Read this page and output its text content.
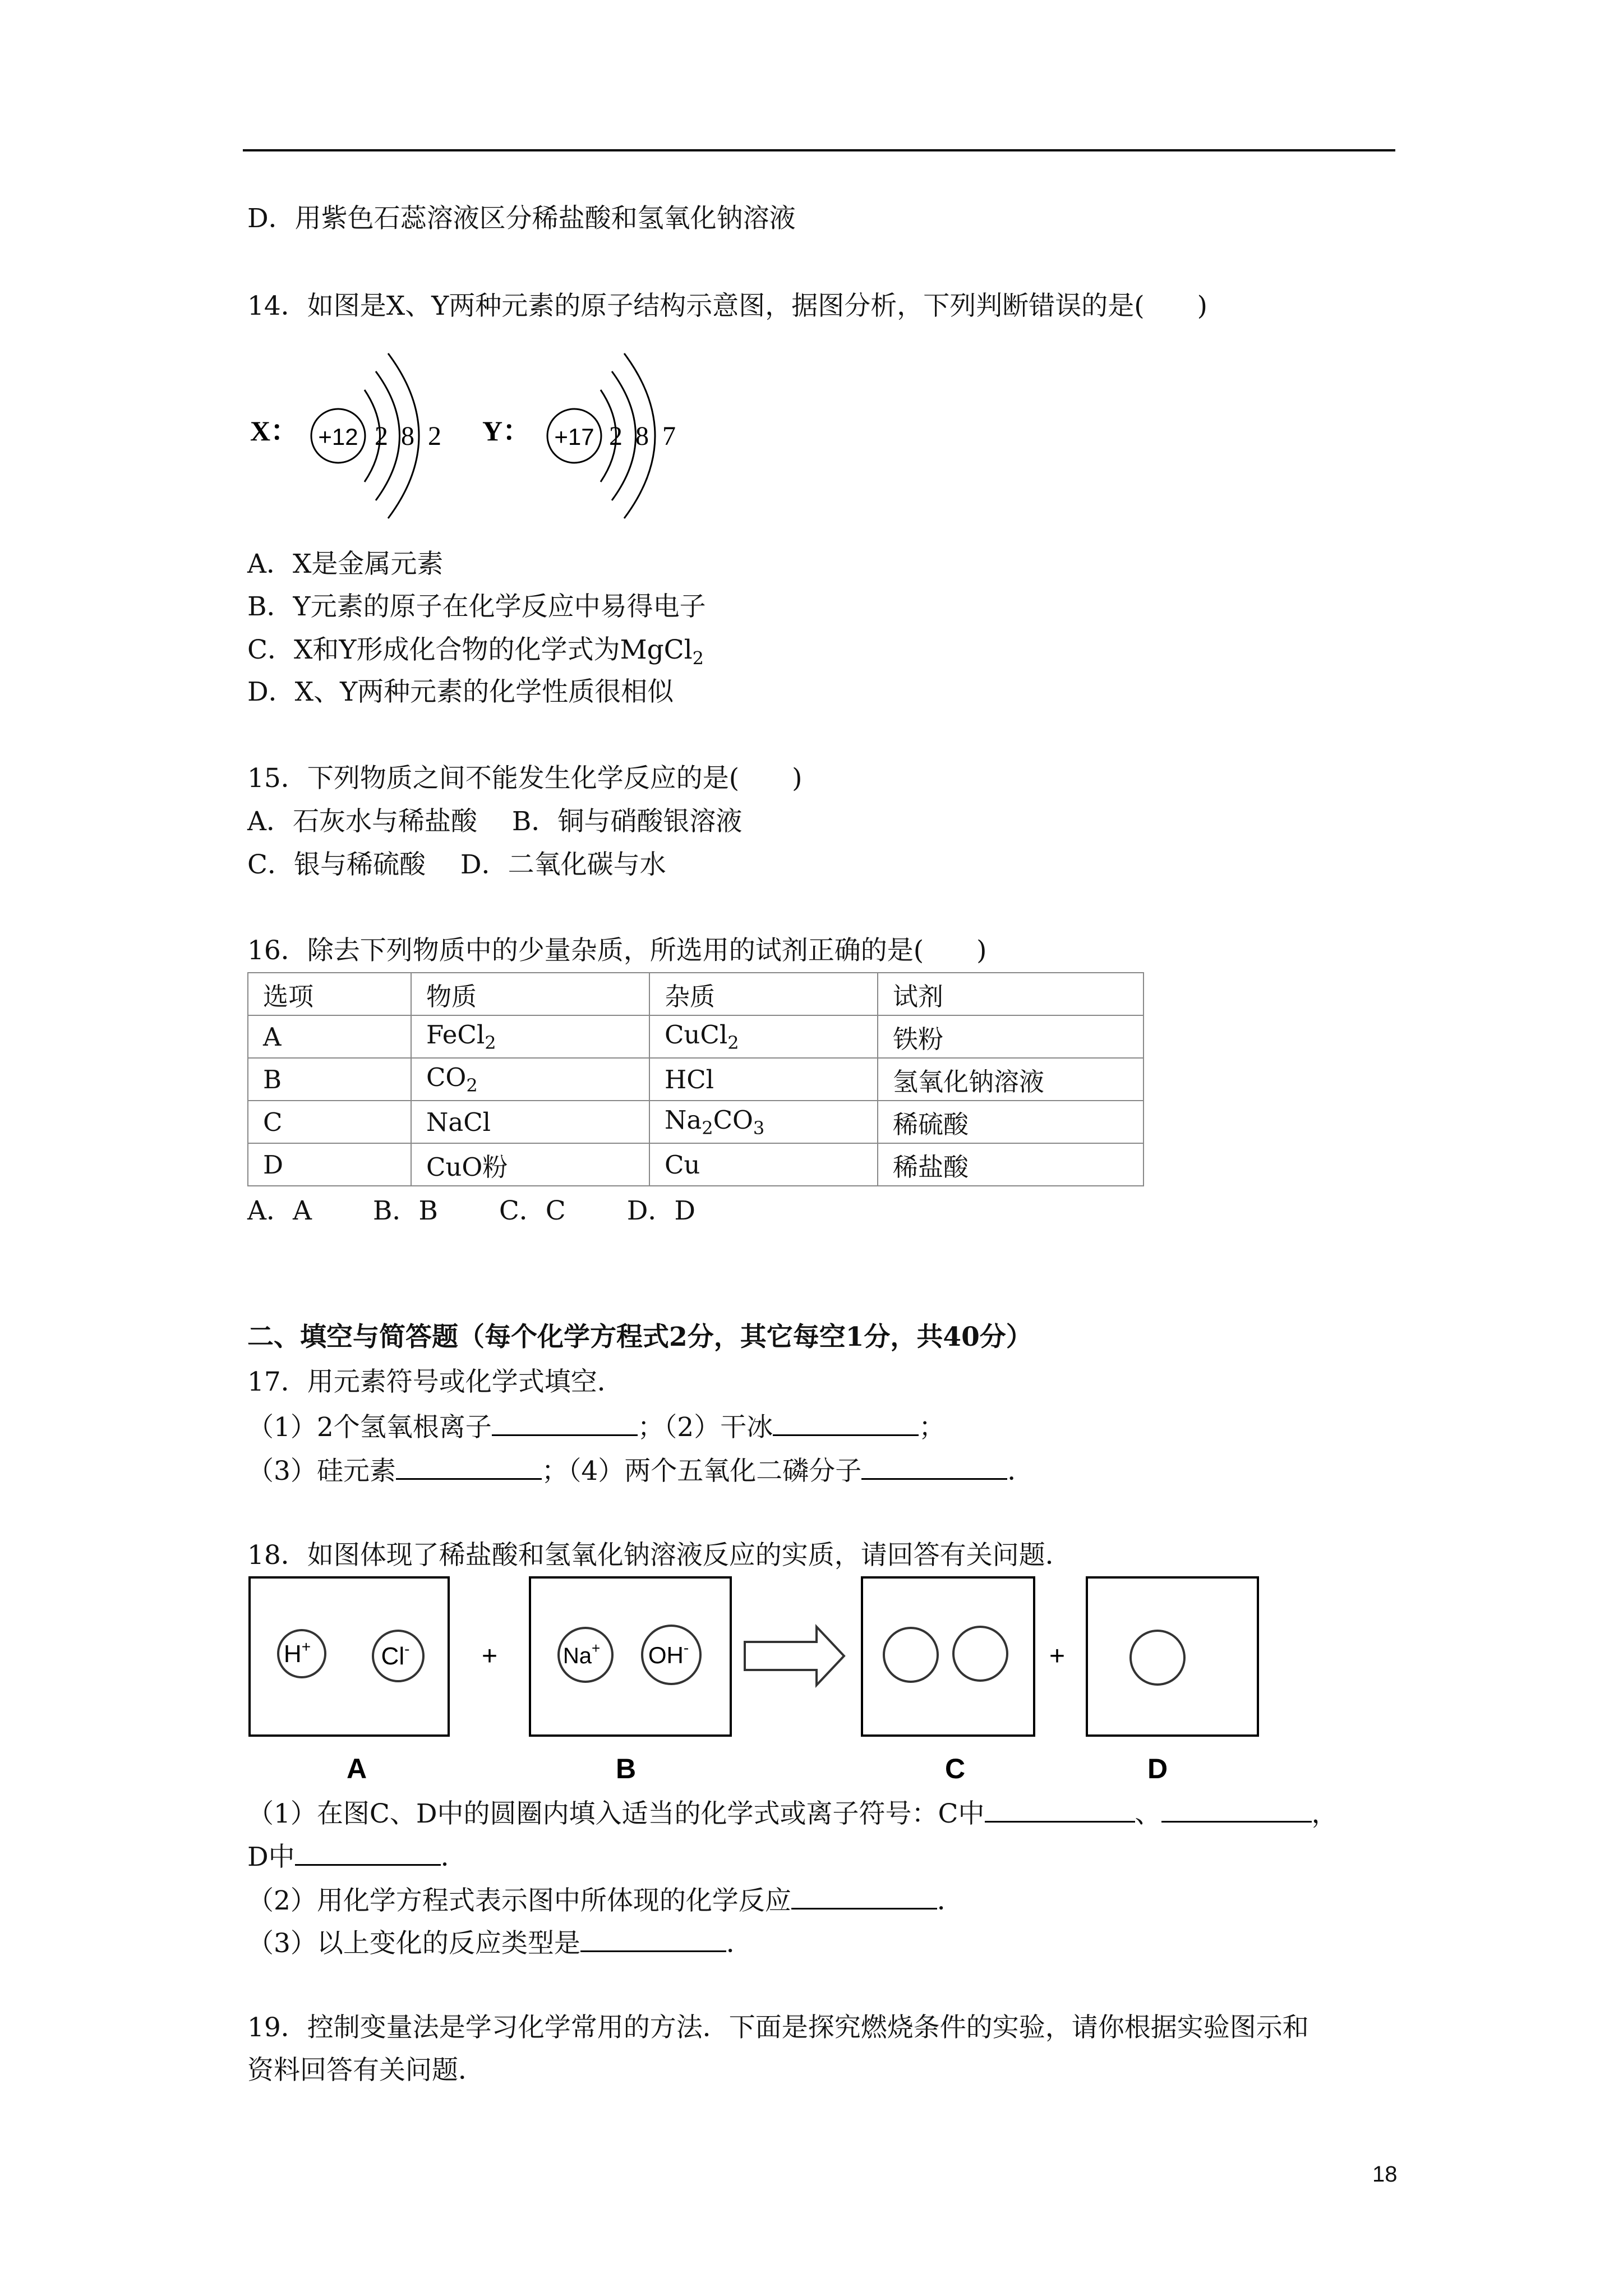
D．用紫色石蕊溶液区分稀盐酸和氢氧化钠溶液
14．如图是X、Y两种元素的原子结构示意图，据图分析，下列判断错误的是(　　)
X： +12 2 8 2 Y： +17 2 8 7
A．X是金属元素
B．Y元素的原子在化学反应中易得电子
C．X和Y形成化合物的化学式为MgCl$_2$
D．X、Y两种元素的化学性质很相似
15．下列物质之间不能发生化学反应的是(　　)
A．石灰水与稀盐酸　 B．铜与硝酸银溶液
C．银与稀硫酸　 D．二氧化碳与水
16．除去下列物质中的少量杂质，所选用的试剂正确的是(　　)
选项	物质	杂质	试剂
A	FeCl$_2$	CuCl$_2$	铁粉
B	$CO_2$	HCl	氢氧化钠溶液
C	NaCl	$Na_2CO_3$	稀硫酸
D	CuO粉	Cu	稀盐酸
A．A　　 B．B　　 C．C　　 D．D
二、填空与简答题（每个化学方程式2分，其它每空1分，共40分）
17．用元素符号或化学式填空．
（1）2个氢氧根离子	；（2）干冰	；
（3）硅元素	；（4）两个五氧化二磷分子	．
18．如图体现了稀盐酸和氢氧化钠溶液反应的实质，请回答有关问题．
H+	Cl-
A
+	Na+ OH-
B	C
+
D
（1）在图C、D中的圆圈内填入适当的化学式或离子符号：C中	、	，
D中	．
（2）用化学方程式表示图中所体现的化学反应	．
（3）以上变化的反应类型是	．
19．控制变量法是学习化学常用的方法．下面是探究燃烧条件的实验，请你根据实验图示和
资料回答有关问题．
18
